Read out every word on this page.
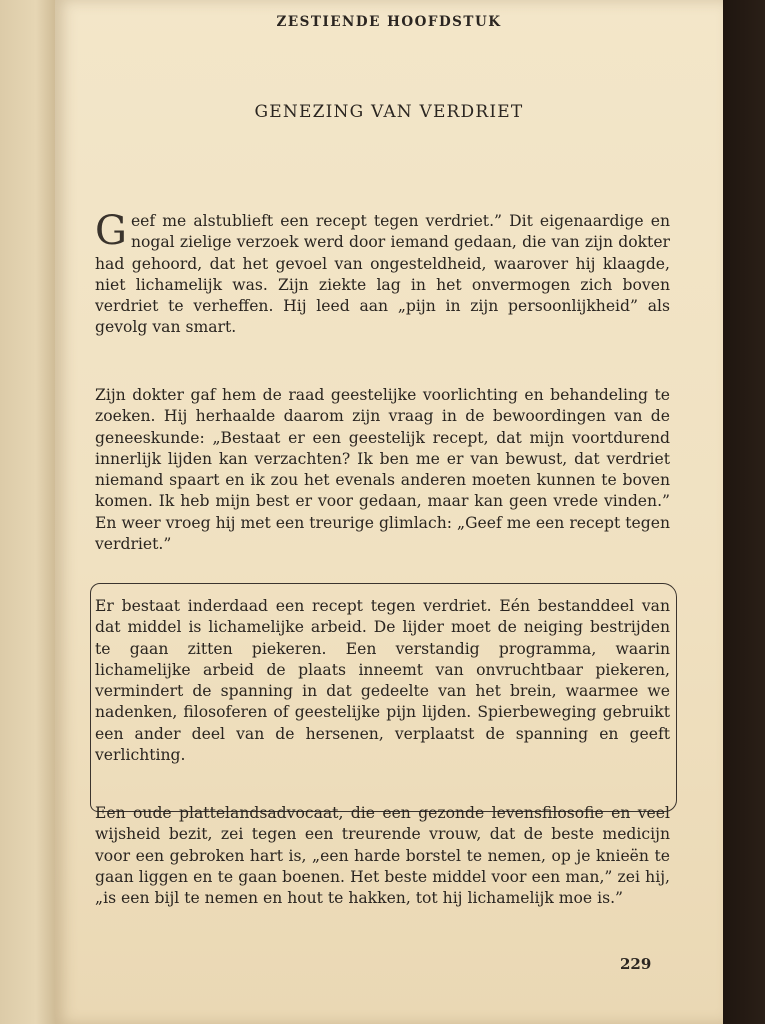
ZESTIENDE HOOFDSTUK
GENEZING VAN VERDRIET
Geef me alstublieft een recept tegen verdriet.” Dit eigenaardige en nogal zielige verzoek werd door iemand gedaan, die van zijn dokter had gehoord, dat het gevoel van ongesteldheid, waarover hij klaagde, niet lichamelijk was. Zijn ziekte lag in het onvermogen zich boven verdriet te verheffen. Hij leed aan „pijn in zijn persoonlijkheid” als gevolg van smart.
Zijn dokter gaf hem de raad geestelijke voorlichting en behandeling te zoeken. Hij herhaalde daarom zijn vraag in de bewoordingen van de geneeskunde: „Bestaat er een geestelijk recept, dat mijn voortdurend innerlijk lijden kan verzachten? Ik ben me er van bewust, dat verdriet niemand spaart en ik zou het evenals anderen moeten kunnen te boven komen. Ik heb mijn best er voor gedaan, maar kan geen vrede vinden.” En weer vroeg hij met een treurige glimlach: „Geef me een recept tegen verdriet.”
Er bestaat inderdaad een recept tegen verdriet. Eén bestanddeel van dat middel is lichamelijke arbeid. De lijder moet de neiging bestrijden te gaan zitten piekeren. Een verstandig programma, waarin lichamelijke arbeid de plaats inneemt van onvruchtbaar piekeren, vermindert de spanning in dat gedeelte van het brein, waarmee we nadenken, filosoferen of geestelijke pijn lijden. Spierbeweging gebruikt een ander deel van de hersenen, verplaatst de spanning en geeft verlichting.
Een oude plattelandsadvocaat, die een gezonde levensfilosofie en veel wijsheid bezit, zei tegen een treurende vrouw, dat de beste medicijn voor een gebroken hart is, „een harde borstel te nemen, op je knieën te gaan liggen en te gaan boenen. Het beste middel voor een man,” zei hij, „is een bijl te nemen en hout te hakken, tot hij lichamelijk moe is.”
229
